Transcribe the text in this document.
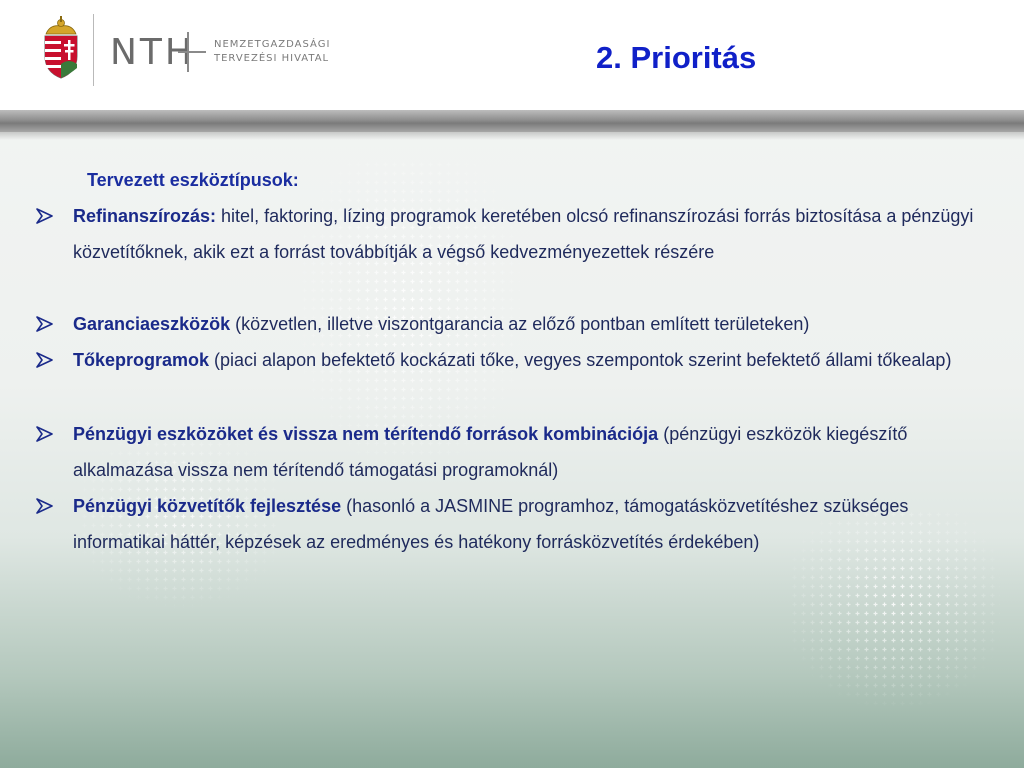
NTH NEMZETGAZDASÁGI
TERVEZÉSI HIVATAL	2. Prioritás
Tervezett eszköztípusok:
Refinanszírozás: hitel, faktoring, lízing programok keretében olcsó refinanszírozási forrás biztosítása a pénzügyi közvetítőknek, akik ezt a forrást továbbítják a végső kedvezményezettek részére
Garanciaeszközök (közvetlen, illetve viszontgarancia az előző pontban említett területeken)
Tőkeprogramok (piaci alapon befektető kockázati tőke, vegyes szempontok szerint befektető állami tőkealap)
Pénzügyi eszközöket és vissza nem térítendő források kombinációja (pénzügyi eszközök kiegészítő alkalmazása vissza nem térítendő támogatási programoknál)
Pénzügyi közvetítők fejlesztése (hasonló a JASMINE programhoz, támogatásközvetítéshez szükséges informatikai háttér, képzések az eredményes és hatékony forrásközvetítés érdekében)
